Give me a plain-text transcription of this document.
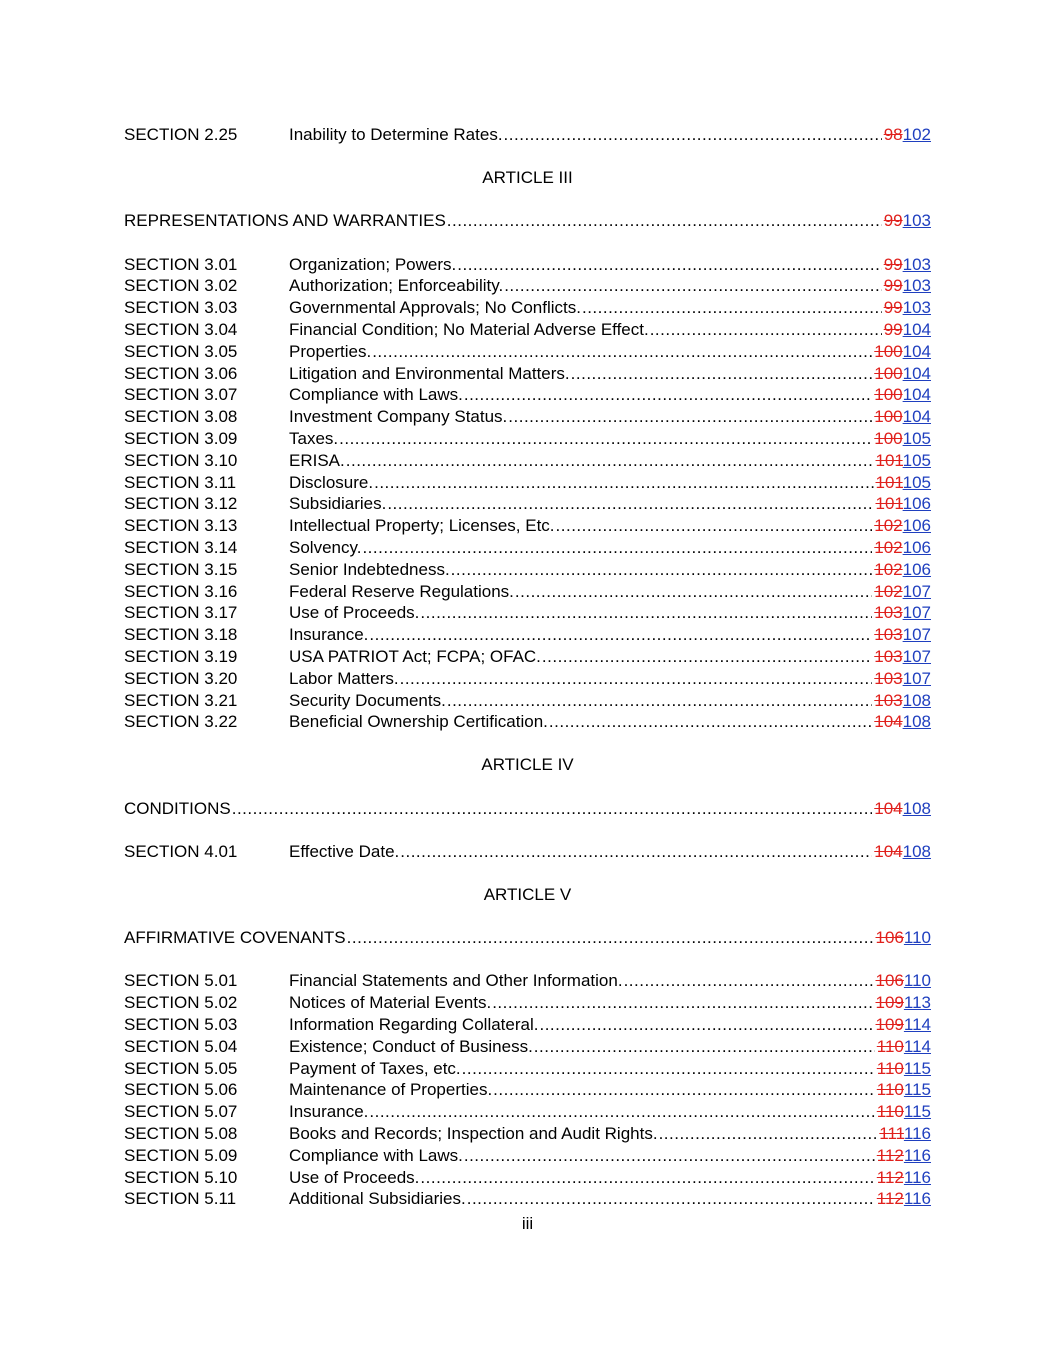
SECTION 2.25	Inability to Determine Rates. .....	98102
ARTICLE III
REPRESENTATIONS AND WARRANTIES .....	99103
SECTION 3.01	Organization; Powers. .....	99103
SECTION 3.02	Authorization; Enforceability. .....	99103
SECTION 3.03	Governmental Approvals; No Conflicts. .....	99103
SECTION 3.04	Financial Condition; No Material Adverse Effect. .....	99104
SECTION 3.05	Properties. .....	100104
SECTION 3.06	Litigation and Environmental Matters. .....	100104
SECTION 3.07	Compliance with Laws. .....	100104
SECTION 3.08	Investment Company Status. .....	100104
SECTION 3.09	Taxes. .....	100105
SECTION 3.10	ERISA. .....	101105
SECTION 3.11	Disclosure. .....	101105
SECTION 3.12	Subsidiaries. .....	101106
SECTION 3.13	Intellectual Property; Licenses, Etc. .....	102106
SECTION 3.14	Solvency. .....	102106
SECTION 3.15	Senior Indebtedness. .....	102106
SECTION 3.16	Federal Reserve Regulations. .....	102107
SECTION 3.17	Use of Proceeds. .....	103107
SECTION 3.18	Insurance. .....	103107
SECTION 3.19	USA PATRIOT Act; FCPA; OFAC. .....	103107
SECTION 3.20	Labor Matters. .....	103107
SECTION 3.21	Security Documents. .....	103108
SECTION 3.22	Beneficial Ownership Certification. .....	104108
ARTICLE IV
CONDITIONS .....	104108
SECTION 4.01	Effective Date. .....	104108
ARTICLE V
AFFIRMATIVE COVENANTS .....	106110
SECTION 5.01	Financial Statements and Other Information. .....	106110
SECTION 5.02	Notices of Material Events. .....	109113
SECTION 5.03	Information Regarding Collateral. .....	109114
SECTION 5.04	Existence; Conduct of Business. .....	110114
SECTION 5.05	Payment of Taxes, etc. .....	110115
SECTION 5.06	Maintenance of Properties. .....	110115
SECTION 5.07	Insurance. .....	110115
SECTION 5.08	Books and Records; Inspection and Audit Rights. .....	111116
SECTION 5.09	Compliance with Laws. .....	112116
SECTION 5.10	Use of Proceeds. .....	112116
SECTION 5.11	Additional Subsidiaries. .....	112116
iii
